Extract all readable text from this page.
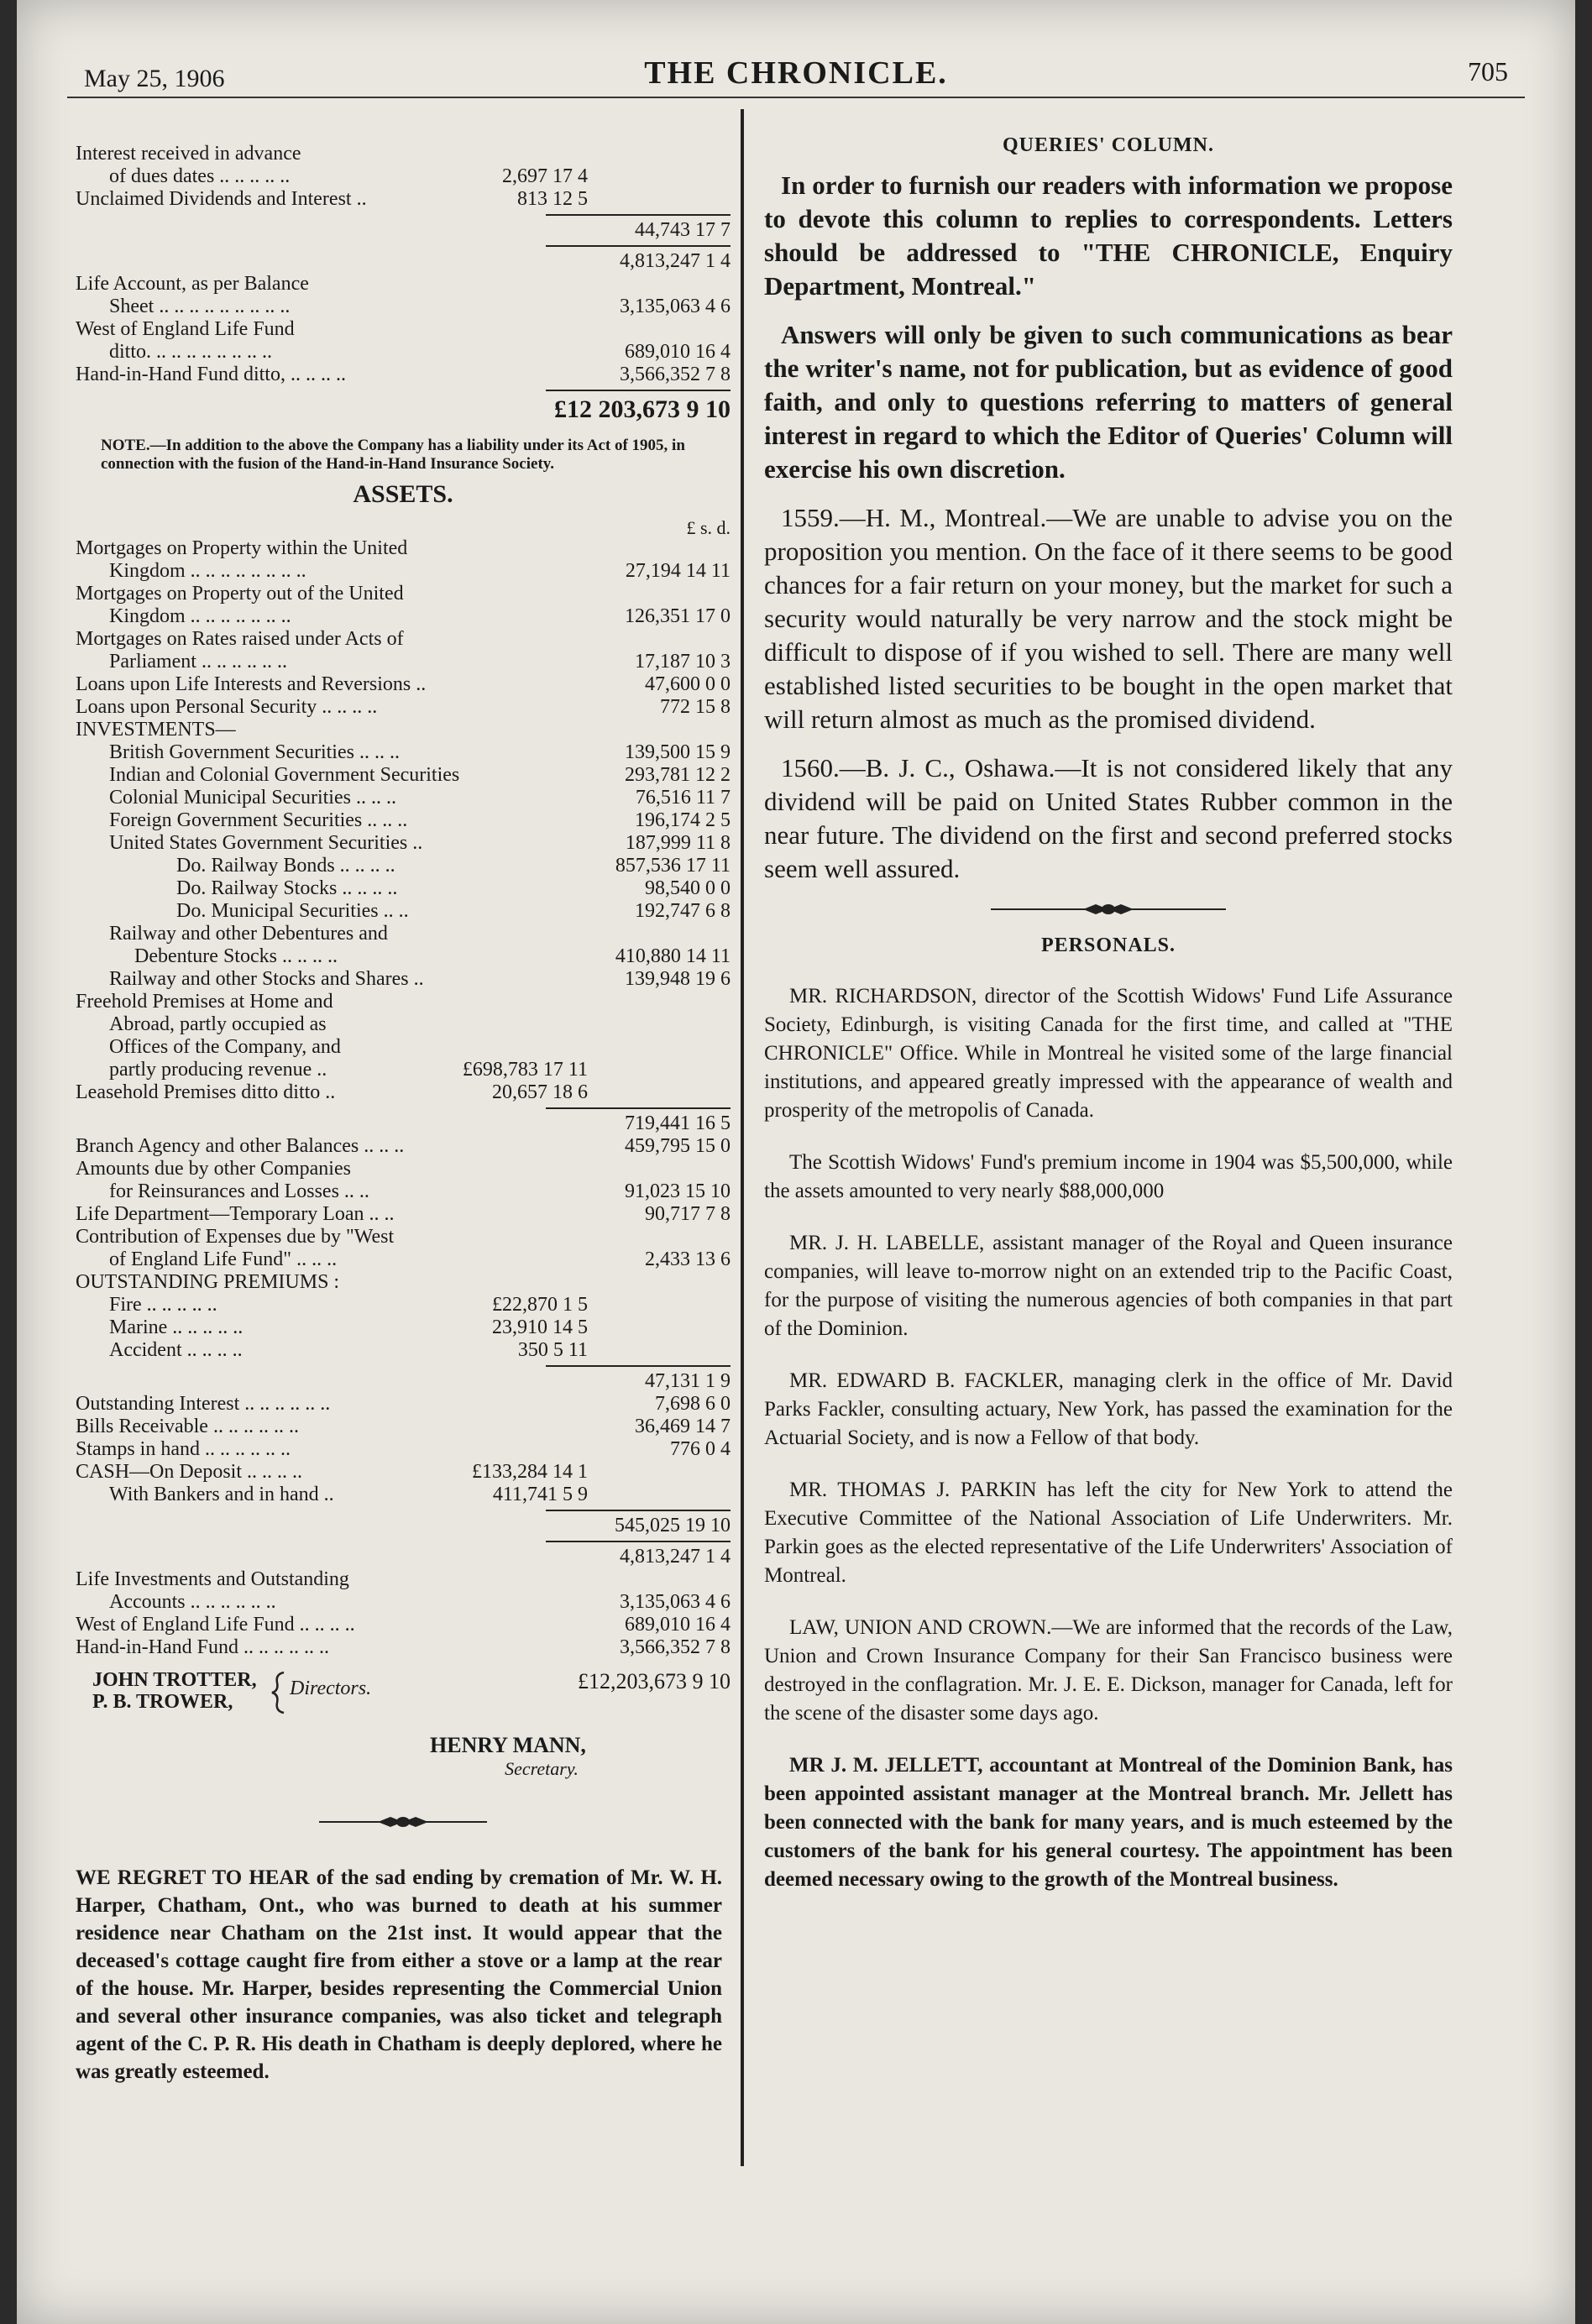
May 25, 1906	THE CHRONICLE.	705
Interest received in advance
of dues dates .. .. .. .. ..	2,697 17 4
Unclaimed Dividends and Interest ..	813 12 5
44,743 17 7
4,813,247 1 4
Life Account, as per Balance
Sheet .. .. .. .. .. .. .. .. ..	3,135,063 4 6
West of England Life Fund
ditto. .. .. .. .. .. .. .. ..	689,010 16 4
Hand-in-Hand Fund ditto, .. .. .. ..	3,566,352 7 8
£12 203,673 9 10
NOTE.—In addition to the above the Company has a liability under its Act of 1905, in connection with the fusion of the Hand-in-Hand Insurance Society.
ASSETS.
£ s. d.
Mortgages on Property within the United
Kingdom .. .. .. .. .. .. .. ..	27,194 14 11
Mortgages on Property out of the United
Kingdom .. .. .. .. .. .. ..	126,351 17 0
Mortgages on Rates raised under Acts of
Parliament .. .. .. .. .. ..	17,187 10 3
Loans upon Life Interests and Reversions ..	47,600 0 0
Loans upon Personal Security .. .. .. ..	772 15 8
INVESTMENTS—
British Government Securities .. .. ..	139,500 15 9
Indian and Colonial Government Securities	293,781 12 2
Colonial Municipal Securities .. .. ..	76,516 11 7
Foreign Government Securities .. .. ..	196,174 2 5
United States Government Securities ..	187,999 11 8
Do. Railway Bonds .. .. .. ..	857,536 17 11
Do. Railway Stocks .. .. .. ..	98,540 0 0
Do. Municipal Securities .. ..	192,747 6 8
Railway and other Debentures and
Debenture Stocks .. .. .. ..	410,880 14 11
Railway and other Stocks and Shares ..	139,948 19 6
Freehold Premises at Home and
Abroad, partly occupied as
Offices of the Company, and
partly producing revenue ..	£698,783 17 11
Leasehold Premises ditto ditto ..	20,657 18 6
719,441 16 5
Branch Agency and other Balances .. .. ..	459,795 15 0
Amounts due by other Companies
for Reinsurances and Losses .. ..	91,023 15 10
Life Department—Temporary Loan .. ..	90,717 7 8
Contribution of Expenses due by "West
of England Life Fund" .. .. ..	2,433 13 6
OUTSTANDING PREMIUMS :
Fire .. .. .. .. ..	£22,870 1 5
Marine .. .. .. .. ..	23,910 14 5
Accident .. .. .. ..	350 5 11
47,131 1 9
Outstanding Interest .. .. .. .. .. ..	7,698 6 0
Bills Receivable .. .. .. .. .. ..	36,469 14 7
Stamps in hand .. .. .. .. .. ..	776 0 4
CASH—On Deposit .. .. .. ..	£133,284 14 1
With Bankers and in hand ..	411,741 5 9
545,025 19 10
4,813,247 1 4
Life Investments and Outstanding
Accounts .. .. .. .. .. ..	3,135,063 4 6
West of England Life Fund .. .. .. ..	689,010 16 4
Hand-in-Hand Fund .. .. .. .. .. ..	3,566,352 7 8
JOHN TROTTER,
P. B. TROWER,
Directors.	£12,203,673 9 10
HENRY MANN,
Secretary.
WE REGRET TO HEAR of the sad ending by cremation of Mr. W. H. Harper, Chatham, Ont., who was burned to death at his summer residence near Chatham on the 21st inst. It would appear that the deceased's cottage caught fire from either a stove or a lamp at the rear of the house. Mr. Harper, besides representing the Commercial Union and several other insurance companies, was also ticket and telegraph agent of the C. P. R. His death in Chatham is deeply deplored, where he was greatly esteemed.
QUERIES' COLUMN.

In order to furnish our readers with information we propose to devote this column to replies to correspondents. Letters should be addressed to "THE CHRONICLE, Enquiry Department, Montreal."

Answers will only be given to such communications as bear the writer's name, not for publication, but as evidence of good faith, and only to questions referring to matters of general interest in regard to which the Editor of Queries' Column will exercise his own discretion.

1559.—H. M., Montreal.—We are unable to advise you on the proposition you mention. On the face of it there seems to be good chances for a fair return on your money, but the market for such a security would naturally be very narrow and the stock might be difficult to dispose of if you wished to sell. There are many well established listed securities to be bought in the open market that will return almost as much as the promised dividend.

1560.—B. J. C., Oshawa.—It is not considered likely that any dividend will be paid on United States Rubber common in the near future. The dividend on the first and second preferred stocks seem well assured.

PERSONALS.

MR. RICHARDSON, director of the Scottish Widows' Fund Life Assurance Society, Edinburgh, is visiting Canada for the first time, and called at "THE CHRONICLE" Office. While in Montreal he visited some of the large financial institutions, and appeared greatly impressed with the appearance of wealth and prosperity of the metropolis of Canada.

The Scottish Widows' Fund's premium income in 1904 was $5,500,000, while the assets amounted to very nearly $88,000,000

MR. J. H. LABELLE, assistant manager of the Royal and Queen insurance companies, will leave to-morrow night on an extended trip to the Pacific Coast, for the purpose of visiting the numerous agencies of both companies in that part of the Dominion.

MR. EDWARD B. FACKLER, managing clerk in the office of Mr. David Parks Fackler, consulting actuary, New York, has passed the examination for the Actuarial Society, and is now a Fellow of that body.

MR. THOMAS J. PARKIN has left the city for New York to attend the Executive Committee of the National Association of Life Underwriters. Mr. Parkin goes as the elected representative of the Life Underwriters' Association of Montreal.

LAW, UNION AND CROWN.—We are informed that the records of the Law, Union and Crown Insurance Company for their San Francisco business were destroyed in the conflagration. Mr. J. E. E. Dickson, manager for Canada, left for the scene of the disaster some days ago.

MR J. M. JELLETT, accountant at Montreal of the Dominion Bank, has been appointed assistant manager at the Montreal branch. Mr. Jellett has been connected with the bank for many years, and is much esteemed by the customers of the bank for his general courtesy. The appointment has been deemed necessary owing to the growth of the Montreal business.
